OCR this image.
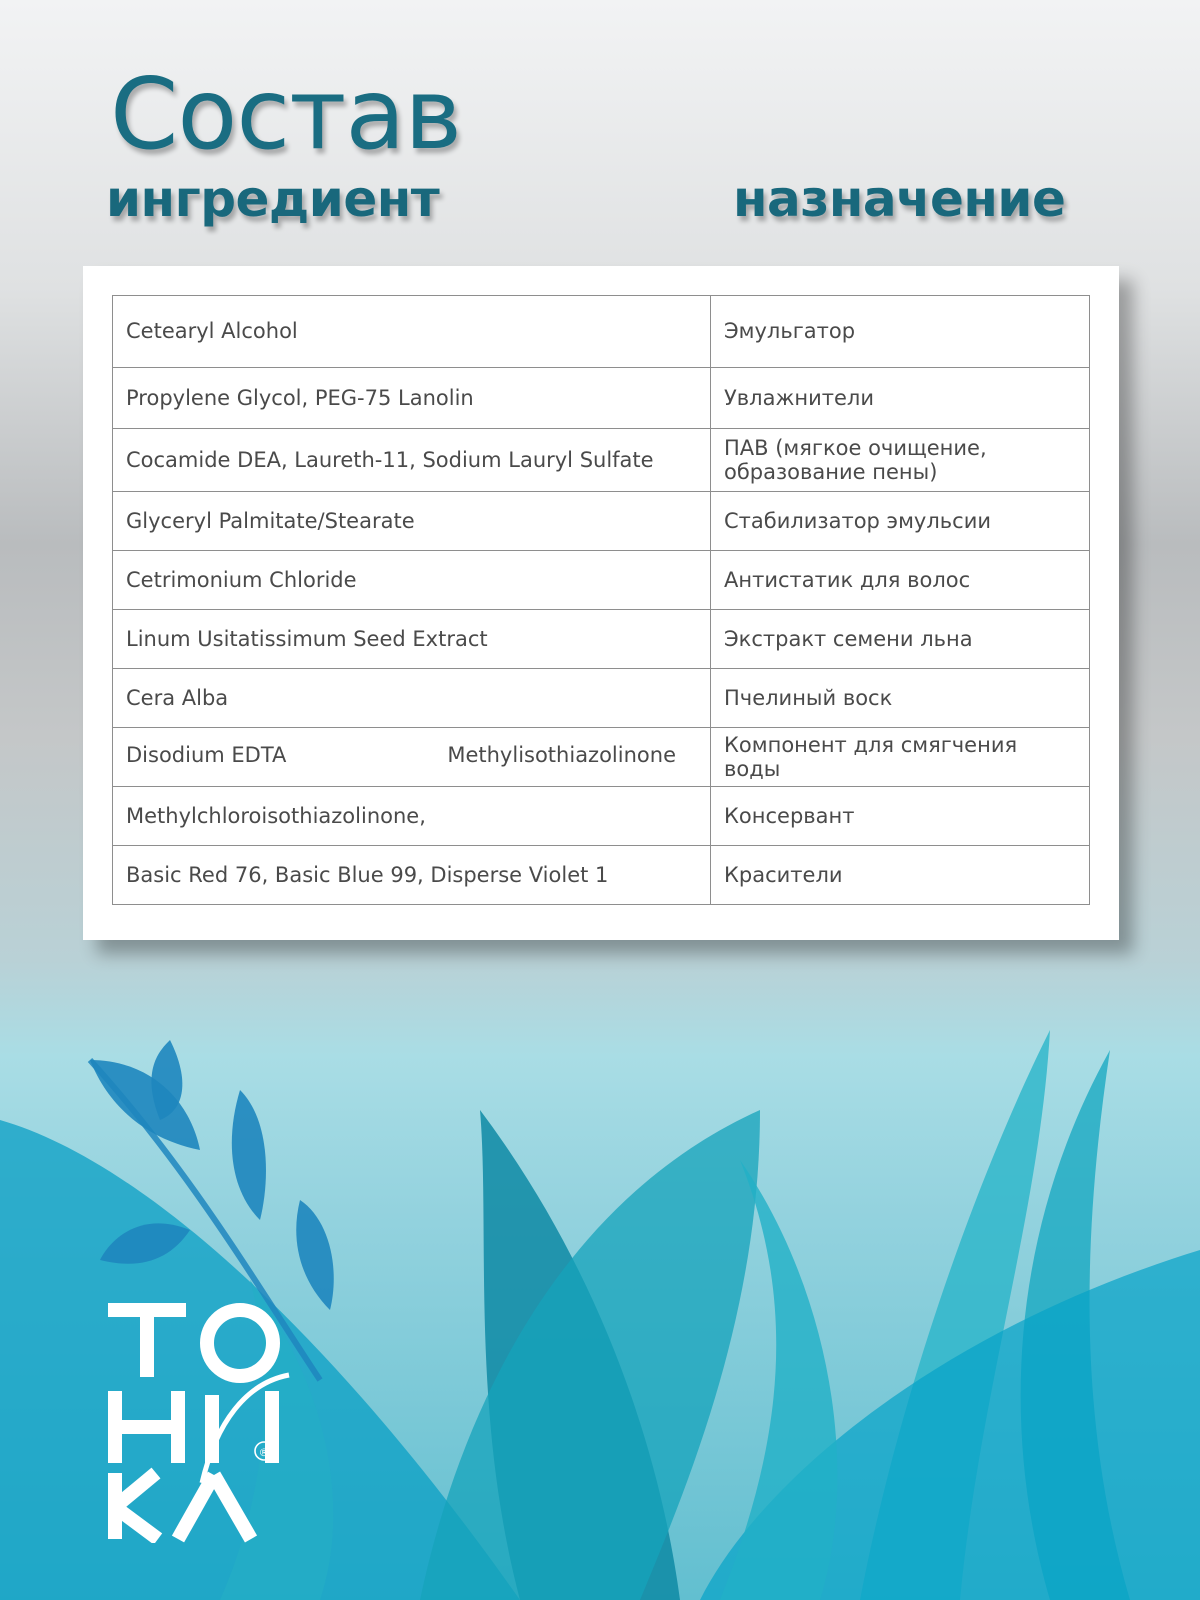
Состав
ингредиент	назначение
Cetearyl Alcohol	Эмульгатор
Propylene Glycol, PEG-75 Lanolin	Увлажнители
Cocamide DEA, Laureth-11, Sodium Lauryl Sulfate	ПАВ (мягкое очищение, образование пены)
Glyceryl Palmitate/Stearate	Стабилизатор эмульсии
Cetrimonium Chloride	Антистатик для волос
Linum Usitatissimum Seed Extract	Экстракт семени льна
Cera Alba	Пчелиный воск
Disodium EDTA Methylisothiazolinone	Компонент для смягчения воды
Methylchloroisothiazolinone,	Консервант
Basic Red 76, Basic Blue 99, Disperse Violet 1	Красители
®
